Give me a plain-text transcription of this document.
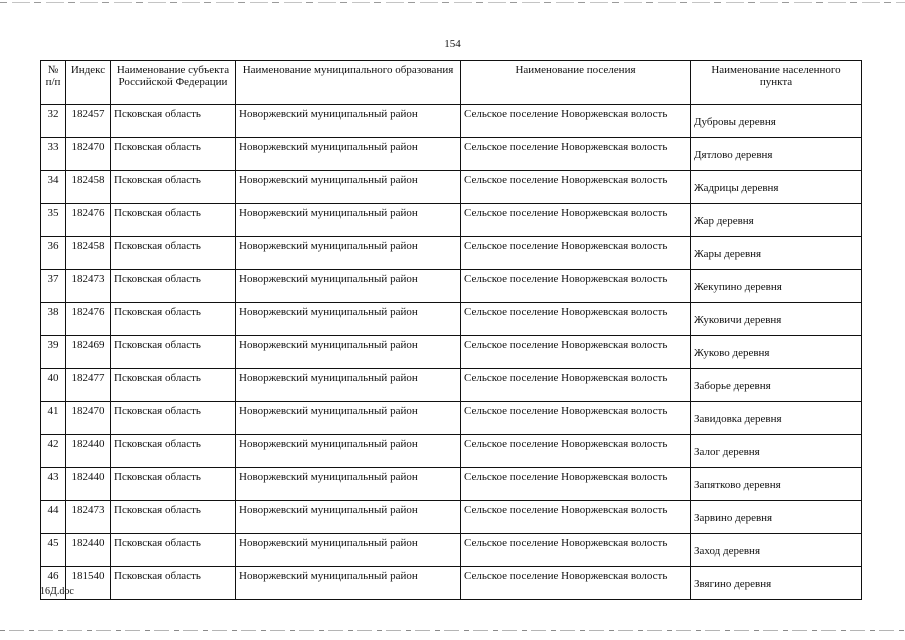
154
№ п/п	Индекс	Наименование субъекта Российской Федерации	Наименование муниципального образования	Наименование поселения	Наименование населенного пункта
32	182457	Псковская область	Новоржевский муниципальный район	Сельское поселение Новоржевская волость	Дубровы деревня
33	182470	Псковская область	Новоржевский муниципальный район	Сельское поселение Новоржевская волость	Дятлово деревня
34	182458	Псковская область	Новоржевский муниципальный район	Сельское поселение Новоржевская волость	Жадрицы деревня
35	182476	Псковская область	Новоржевский муниципальный район	Сельское поселение Новоржевская волость	Жар деревня
36	182458	Псковская область	Новоржевский муниципальный район	Сельское поселение Новоржевская волость	Жары деревня
37	182473	Псковская область	Новоржевский муниципальный район	Сельское поселение Новоржевская волость	Жекупино деревня
38	182476	Псковская область	Новоржевский муниципальный район	Сельское поселение Новоржевская волость	Жуковичи деревня
39	182469	Псковская область	Новоржевский муниципальный район	Сельское поселение Новоржевская волость	Жуково деревня
40	182477	Псковская область	Новоржевский муниципальный район	Сельское поселение Новоржевская волость	Заборье деревня
41	182470	Псковская область	Новоржевский муниципальный район	Сельское поселение Новоржевская волость	Завидовка деревня
42	182440	Псковская область	Новоржевский муниципальный район	Сельское поселение Новоржевская волость	Залог деревня
43	182440	Псковская область	Новоржевский муниципальный район	Сельское поселение Новоржевская волость	Запятково деревня
44	182473	Псковская область	Новоржевский муниципальный район	Сельское поселение Новоржевская волость	Зарвино деревня
45	182440	Псковская область	Новоржевский муниципальный район	Сельское поселение Новоржевская волость	Заход деревня
46	181540	Псковская область	Новоржевский муниципальный район	Сельское поселение Новоржевская волость	Звягино деревня
16Д.doc
